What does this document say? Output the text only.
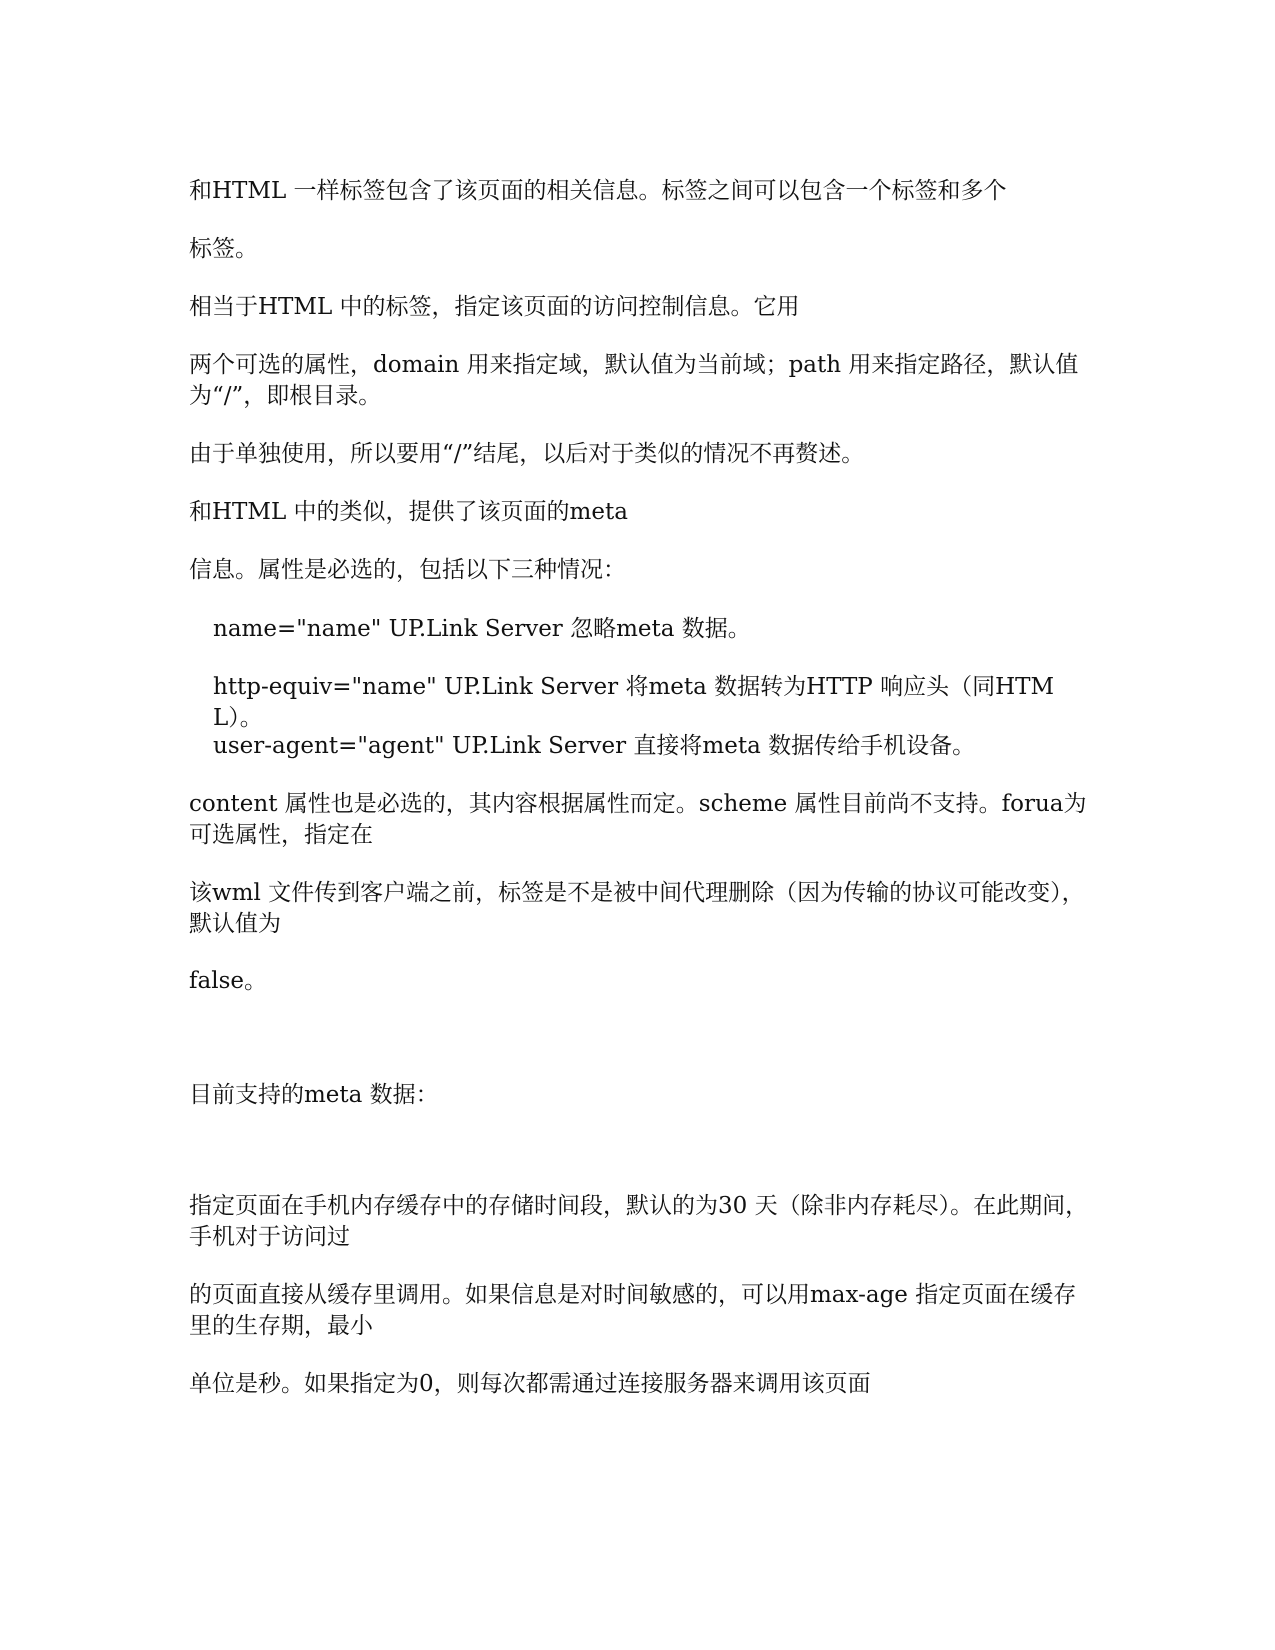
和HTML 一样标签包含了该页面的相关信息。标签之间可以包含一个标签和多个

标签。

相当于HTML 中的标签，指定该页面的访问控制信息。它用

两个可选的属性，domain 用来指定域，默认值为当前域；path 用来指定路径，默认值为“/”，即根目录。

由于单独使用，所以要用“/”结尾，以后对于类似的情况不再赘述。

和HTML 中的类似，提供了该页面的meta

信息。属性是必选的，包括以下三种情况：

name="name" UP.Link Server 忽略meta 数据。

http-equiv="name" UP.Link Server 将meta 数据转为HTTP 响应头（同HTML）。

user-agent="agent" UP.Link Server 直接将meta 数据传给手机设备。

content 属性也是必选的，其内容根据属性而定。scheme 属性目前尚不支持。forua为可选属性，指定在

该wml 文件传到客户端之前，标签是不是被中间代理删除（因为传输的协议可能改变），默认值为

false。

目前支持的meta 数据：

指定页面在手机内存缓存中的存储时间段，默认的为30 天（除非内存耗尽）。在此期间，手机对于访问过

的页面直接从缓存里调用。如果信息是对时间敏感的，可以用max-age 指定页面在缓存里的生存期，最小

单位是秒。如果指定为0，则每次都需通过连接服务器来调用该页面
